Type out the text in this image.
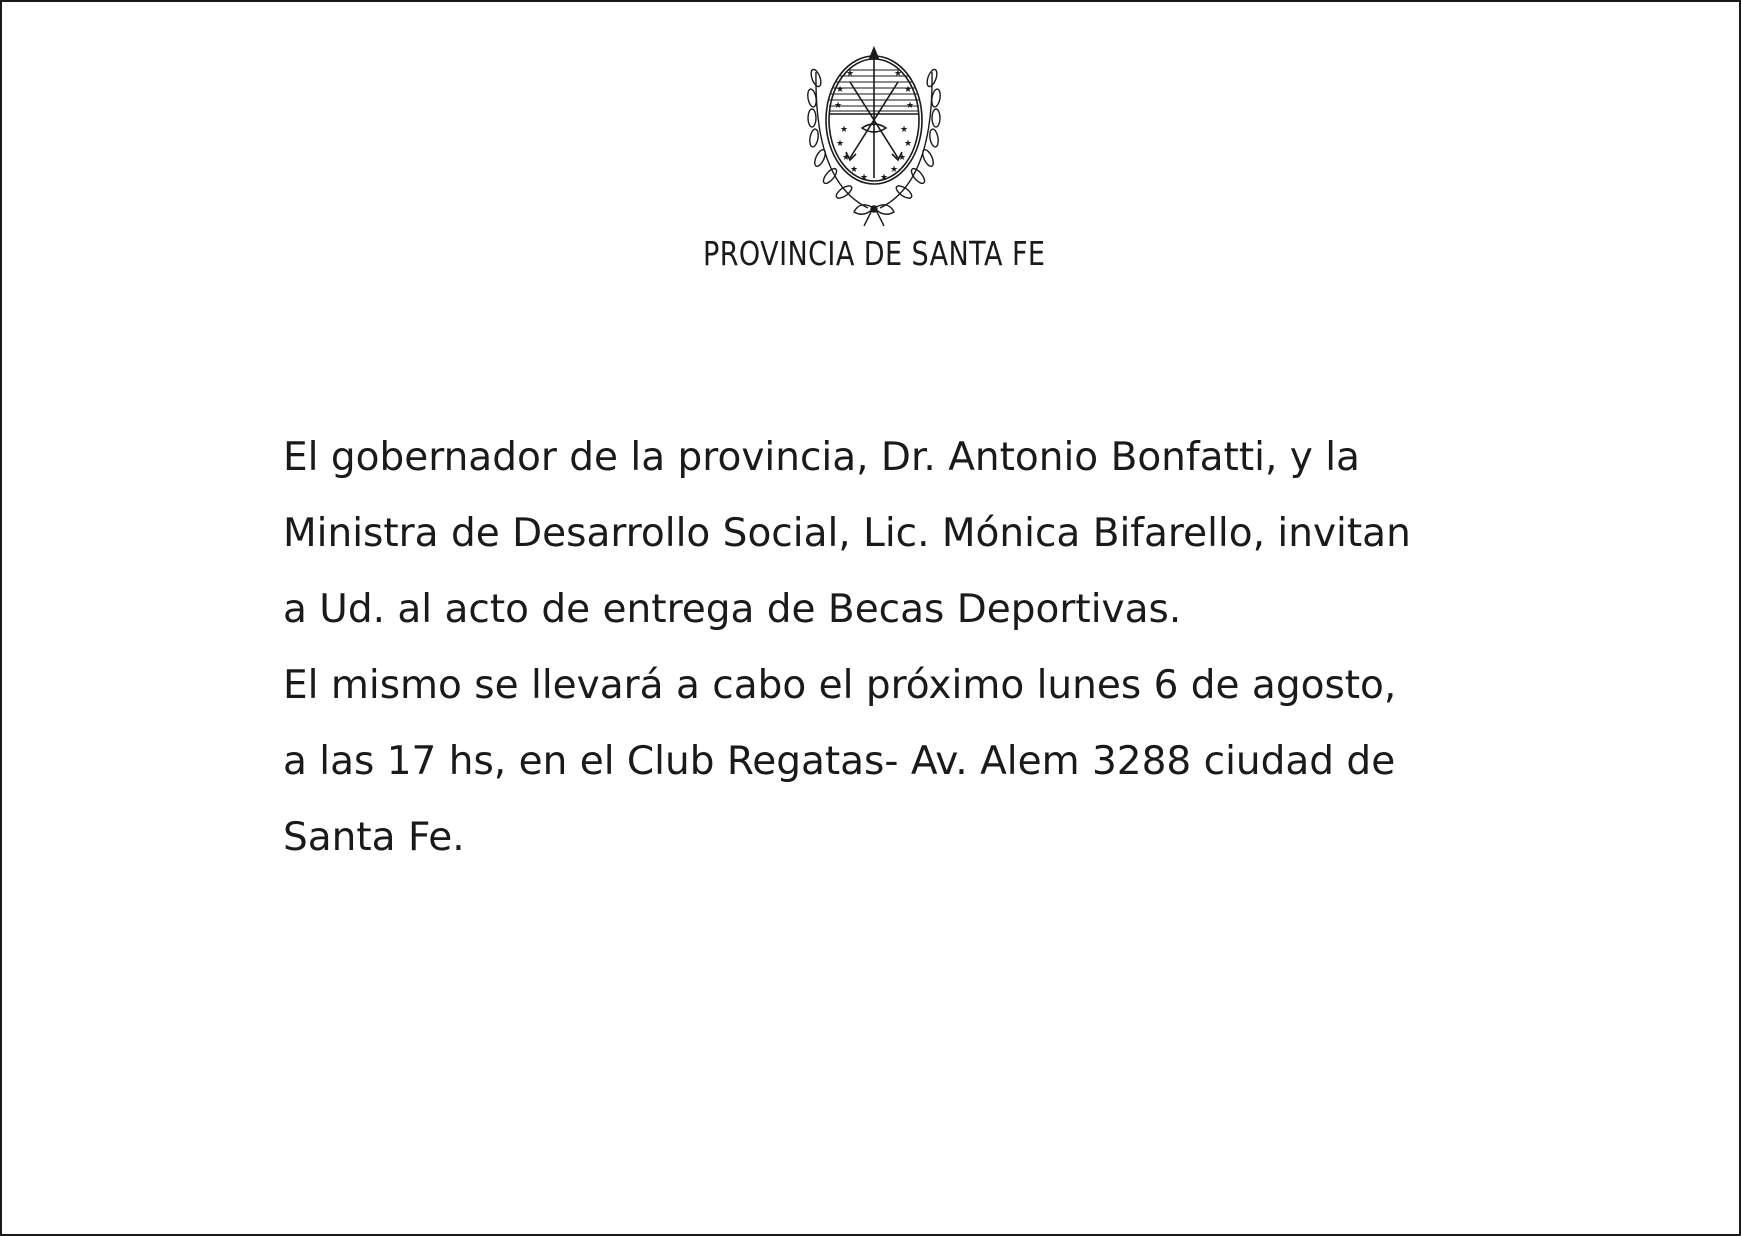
★	★
★	★
★	★
★	★
★ ★
★	★
★	★
★	★
PROVINCIA DE SANTA FE
El gobernador de la provincia, Dr. Antonio Bonfatti, y la
Ministra de Desarrollo Social, Lic. Mónica Bifarello, invitan
a Ud. al acto de entrega de Becas Deportivas.
El mismo se llevará a cabo el próximo lunes 6 de agosto,
a las 17 hs, en el Club Regatas- Av. Alem 3288 ciudad de
Santa Fe.
